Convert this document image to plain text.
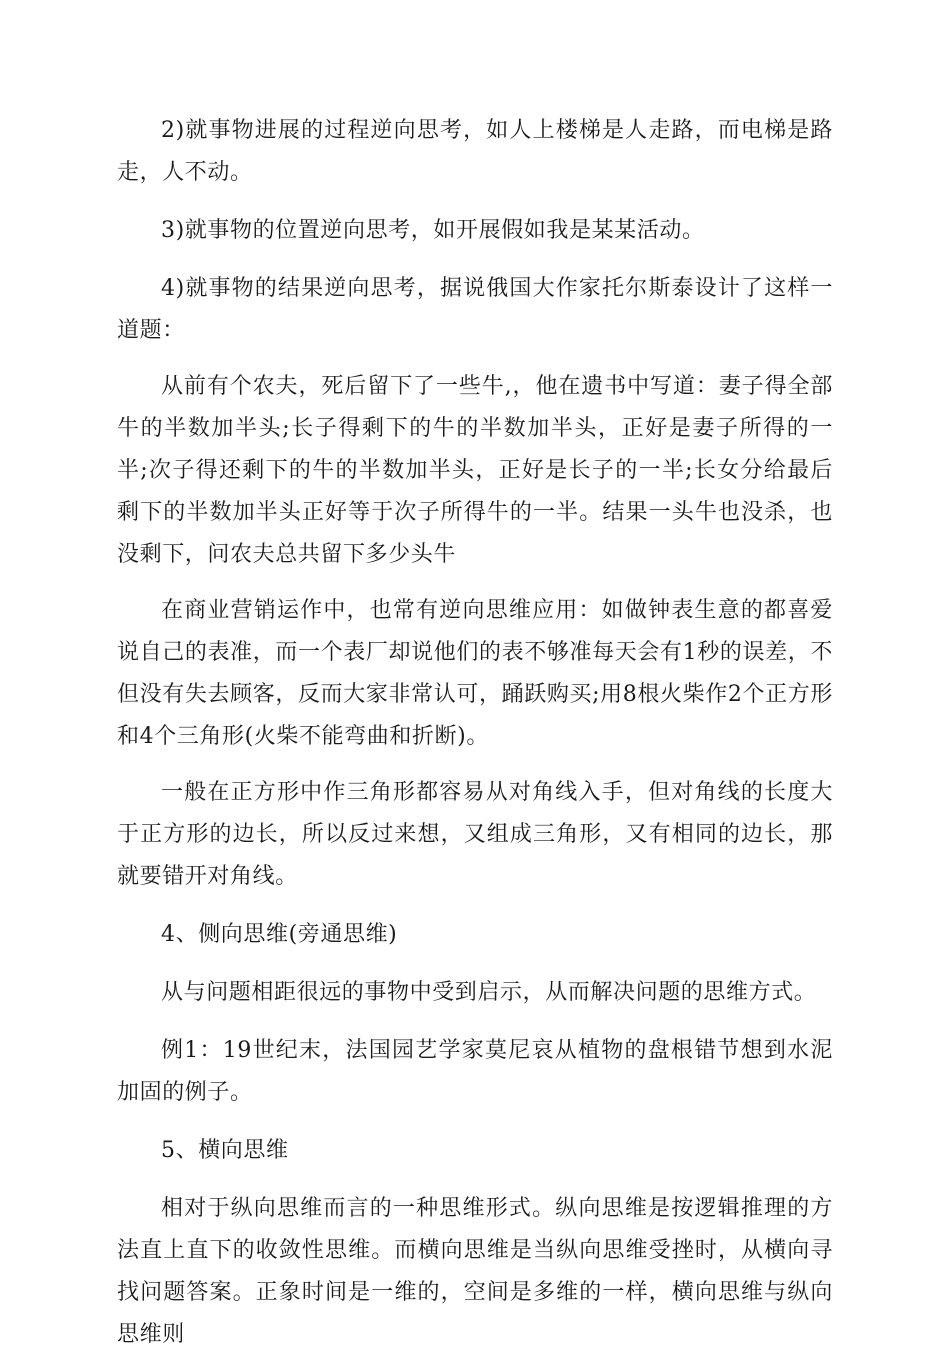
2)就事物进展的过程逆向思考，如人上楼梯是人走路，而电梯是路走，人不动。

3)就事物的位置逆向思考，如开展假如我是某某活动。

4)就事物的结果逆向思考，据说俄国大作家托尔斯泰设计了这样一道题：

从前有个农夫，死后留下了一些牛,，他在遗书中写道：妻子得全部牛的半数加半头;长子得剩下的牛的半数加半头，正好是妻子所得的一半;次子得还剩下的牛的半数加半头，正好是长子的一半;长女分给最后剩下的半数加半头正好等于次子所得牛的一半。结果一头牛也没杀，也没剩下，问农夫总共留下多少头牛

在商业营销运作中，也常有逆向思维应用：如做钟表生意的都喜爱说自己的表准，而一个表厂却说他们的表不够准每天会有1秒的误差，不但没有失去顾客，反而大家非常认可，踊跃购买;用8根火柴作2个正方形和4个三角形(火柴不能弯曲和折断)。

一般在正方形中作三角形都容易从对角线入手，但对角线的长度大于正方形的边长，所以反过来想，又组成三角形，又有相同的边长，那就要错开对角线。

4、侧向思维(旁通思维)

从与问题相距很远的事物中受到启示，从而解决问题的思维方式。

例1：19世纪末，法国园艺学家莫尼哀从植物的盘根错节想到水泥加固的例子。

5、横向思维

相对于纵向思维而言的一种思维形式。纵向思维是按逻辑推理的方法直上直下的收敛性思维。而横向思维是当纵向思维受挫时，从横向寻找问题答案。正象时间是一维的，空间是多维的一样，横向思维与纵向思维则
